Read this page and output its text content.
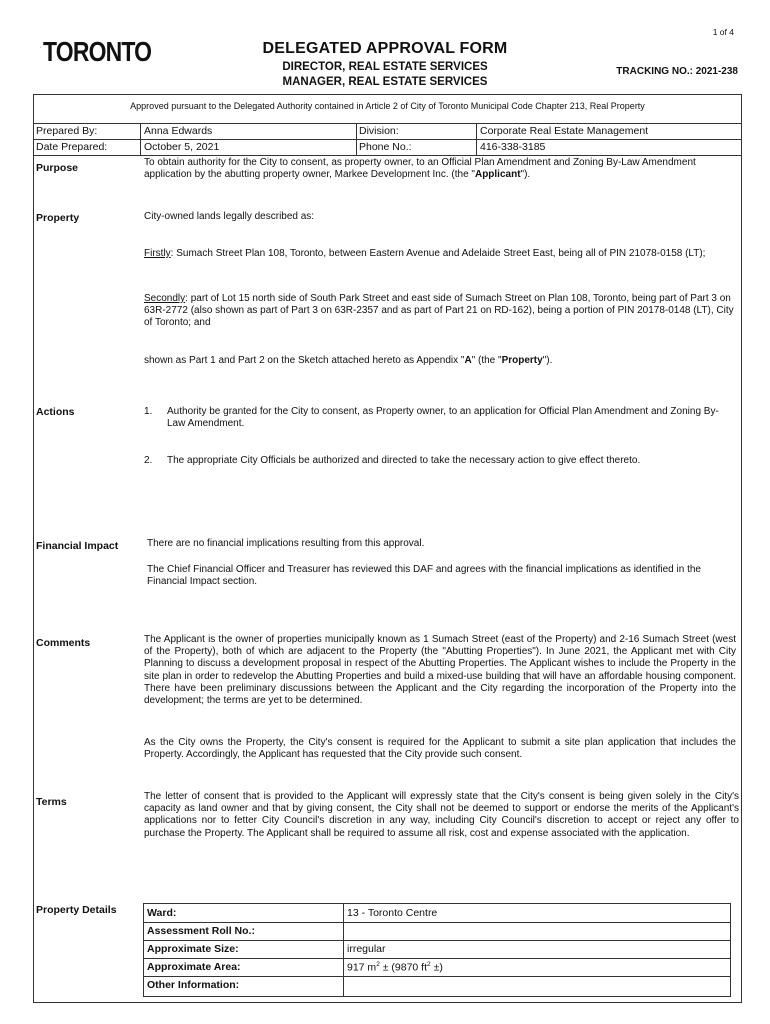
1 of 4
TORONTO	DELEGATED APPROVAL FORM
DIRECTOR, REAL ESTATE SERVICES
MANAGER, REAL ESTATE SERVICES
TRACKING NO.: 2021-238
Approved pursuant to the Delegated Authority contained in Article 2 of City of Toronto Municipal Code Chapter 213, Real Property
Prepared By:	Anna Edwards	Division:	Corporate Real Estate Management
Date Prepared:	October 5, 2021	Phone No.:	416-338-3185
Purpose	To obtain authority for the City to consent, as property owner, to an Official Plan Amendment and Zoning By-Law Amendment application by the abutting property owner, Markee Development Inc. (the "Applicant").
Property	City-owned lands legally described as:
Firstly: Sumach Street Plan 108, Toronto, between Eastern Avenue and Adelaide Street East, being all of PIN 21078-0158 (LT);
Secondly: part of Lot 15 north side of South Park Street and east side of Sumach Street on Plan 108, Toronto, being part of Part 3 on 63R-2772 (also shown as part of Part 3 on 63R-2357 and as part of Part 21 on RD-162), being a portion of PIN 20178-0148 (LT), City of Toronto; and
shown as Part 1 and Part 2 on the Sketch attached hereto as Appendix "A" (the "Property").
Actions	1. Authority be granted for the City to consent, as Property owner, to an application for Official Plan Amendment and Zoning By-Law Amendment.
2. The appropriate City Officials be authorized and directed to take the necessary action to give effect thereto.
Financial Impact	There are no financial implications resulting from this approval.
The Chief Financial Officer and Treasurer has reviewed this DAF and agrees with the financial implications as identified in the Financial Impact section.
Comments	The Applicant is the owner of properties municipally known as 1 Sumach Street (east of the Property) and 2-16 Sumach Street (west of the Property), both of which are adjacent to the Property (the "Abutting Properties"). In June 2021, the Applicant met with City Planning to discuss a development proposal in respect of the Abutting Properties. The Applicant wishes to include the Property in the site plan in order to redevelop the Abutting Properties and build a mixed-use building that will have an affordable housing component. There have been preliminary discussions between the Applicant and the City regarding the incorporation of the Property into the development; the terms are yet to be determined.
As the City owns the Property, the City's consent is required for the Applicant to submit a site plan application that includes the Property. Accordingly, the Applicant has requested that the City provide such consent.
Terms	The letter of consent that is provided to the Applicant will expressly state that the City's consent is being given solely in the City's capacity as land owner and that by giving consent, the City shall not be deemed to support or endorse the merits of the Applicant's applications nor to fetter City Council's discretion in any way, including City Council's discretion to accept or reject any offer to purchase the Property. The Applicant shall be required to assume all risk, cost and expense associated with the application.
Property Details	Ward:	13 - Toronto Centre
Assessment Roll No.:
Approximate Size:	irregular
Approximate Area:	917 $m^2 \pm (9870$ $ft^2$ ±)
Other Information:
